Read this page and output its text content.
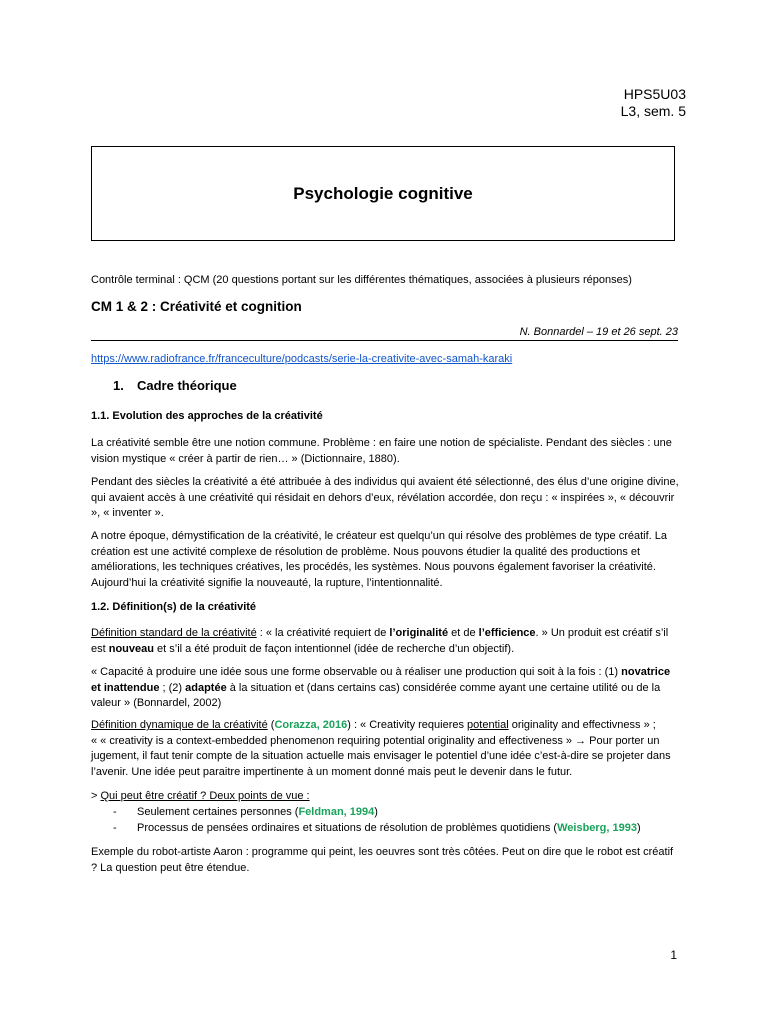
HPS5U03
L3, sem. 5
Psychologie cognitive

Contrôle terminal : QCM (20 questions portant sur les différentes thématiques, associées à plusieurs réponses)

CM 1 & 2 : Créativité et cognition
N. Bonnardel – 19 et 26 sept. 23
https://www.radiofrance.fr/franceculture/podcasts/serie-la-creativite-avec-samah-karaki
1. Cadre théorique
1.1. Evolution des approches de la créativité

La créativité semble être une notion commune. Problème : en faire une notion de spécialiste. Pendant des siècles : une vision mystique « créer à partir de rien… » (Dictionnaire, 1880).

Pendant des siècles la créativité a été attribuée à des individus qui avaient été sélectionné, des élus d’une origine divine, qui avaient accès à une créativité qui résidait en dehors d’eux, révélation accordée, don reçu : « inspirées », « découvrir », « inventer ».

A notre époque, démystification de la créativité, le créateur est quelqu’un qui résolve des problèmes de type créatif. La création est une activité complexe de résolution de problème. Nous pouvons étudier la qualité des productions et améliorations, les techniques créatives, les procédés, les systèmes. Nous pouvons également favoriser la créativité. Aujourd’hui la créativité signifie la nouveauté, la rupture, l’intentionnalité.

1.2. Définition(s) de la créativité

Définition standard de la créativité : « la créativité requiert de l’originalité et de l’efficience. » Un produit est créatif s’il est nouveau et s’il a été produit de façon intentionnel (idée de recherche d’un objectif).

« Capacité à produire une idée sous une forme observable ou à réaliser une production qui soit à la fois : (1) novatrice et inattendue ; (2) adaptée à la situation et (dans certains cas) considérée comme ayant une certaine utilité ou de la valeur » (Bonnardel, 2002)

Définition dynamique de la créativité (Corazza, 2016) : « Creativity requieres potential originality and effectivness » ;
« « creativity is a context-embedded phenomenon requiring potential originality and effectiveness » → Pour porter un jugement, il faut tenir compte de la situation actuelle mais envisager le potentiel d’une idée c’est-à-dire se projeter dans l’avenir. Une idée peut paraitre impertinente à un moment donné mais peut le devenir dans le futur.

> Qui peut être créatif ? Deux points de vue :

- Seulement certaines personnes (Feldman, 1994)
- Processus de pensées ordinaires et situations de résolution de problèmes quotidiens (Weisberg, 1993)

Exemple du robot-artiste Aaron : programme qui peint, les oeuvres sont très côtées. Peut on dire que le robot est créatif ? La question peut être étendue.

1
